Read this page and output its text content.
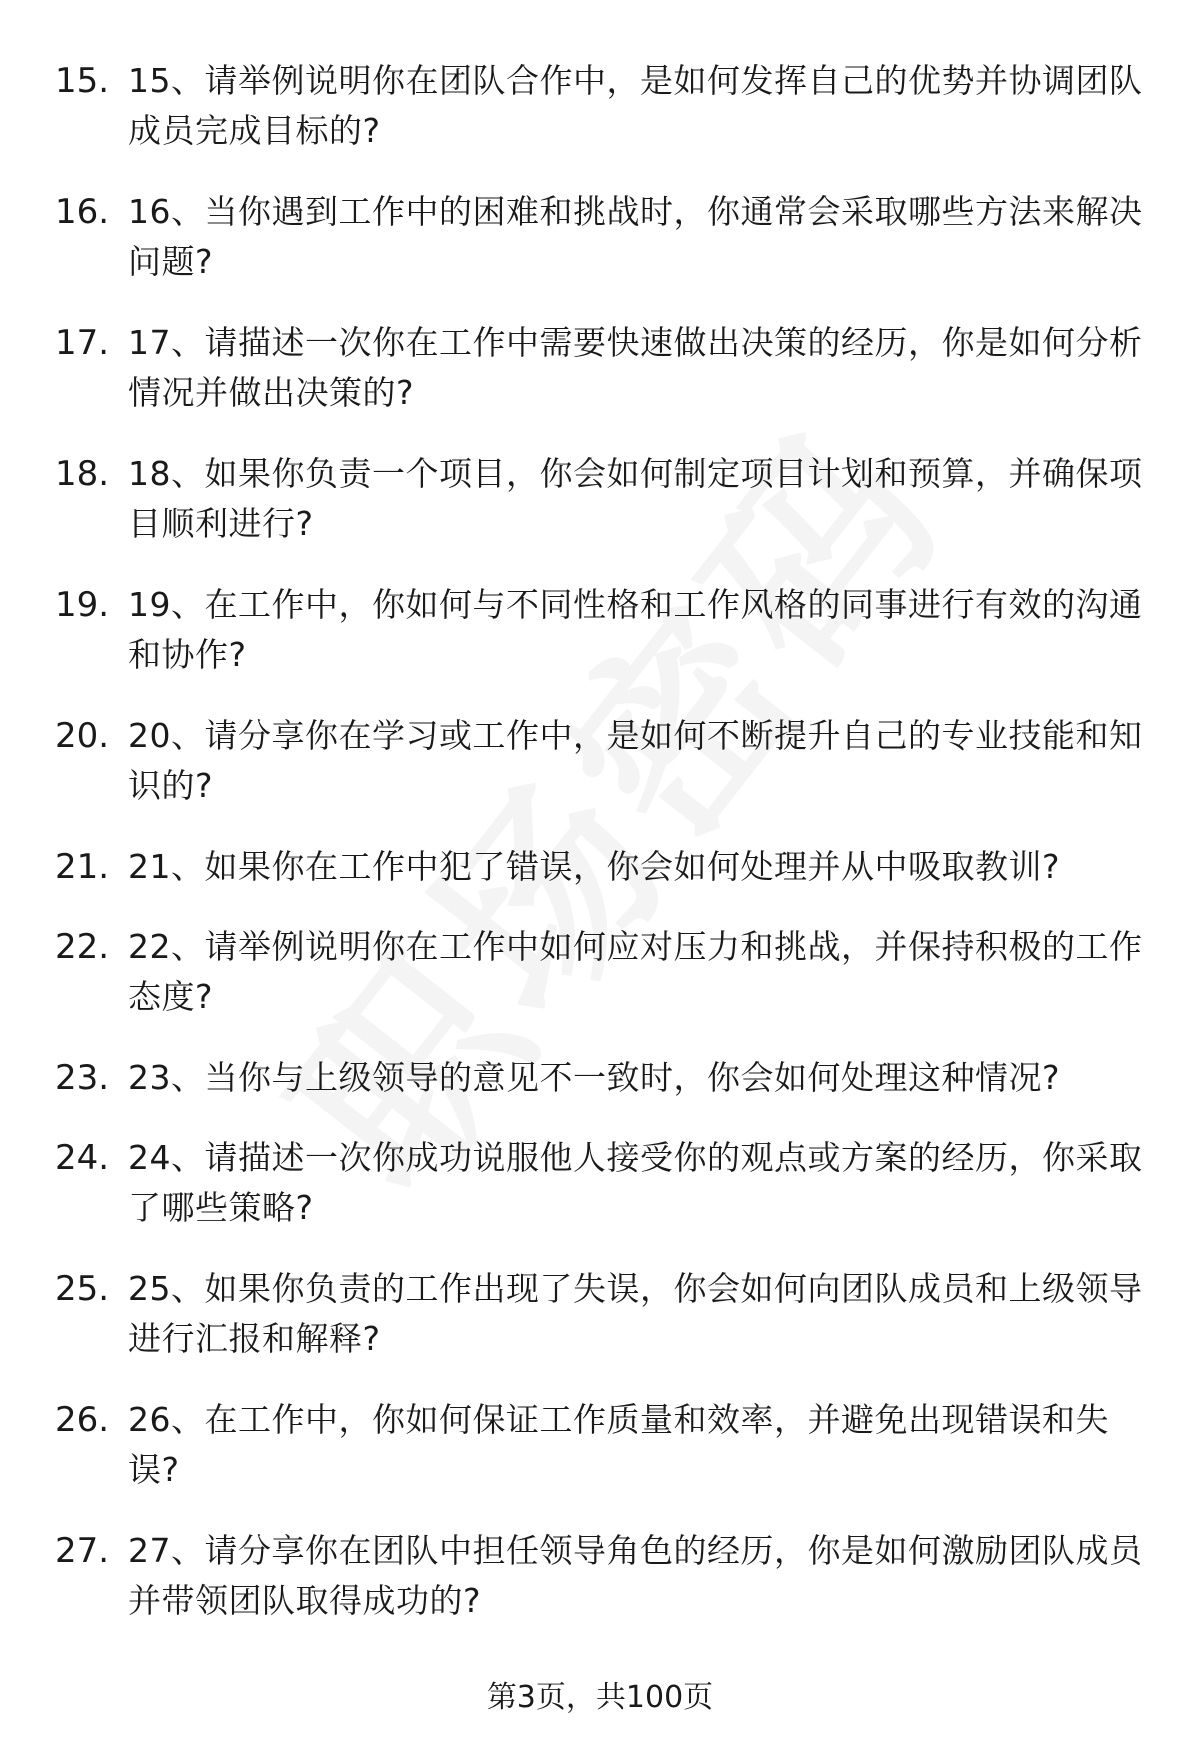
15. 15、请举例说明你在团队合作中，是如何发挥自己的优势并协调团队成员完成目标的?
16. 16、当你遇到工作中的困难和挑战时，你通常会采取哪些方法来解决问题?
17. 17、请描述一次你在工作中需要快速做出决策的经历，你是如何分析情况并做出决策的?
18. 18、如果你负责一个项目，你会如何制定项目计划和预算，并确保项目顺利进行?
19. 19、在工作中，你如何与不同性格和工作风格的同事进行有效的沟通和协作?
20. 20、请分享你在学习或工作中，是如何不断提升自己的专业技能和知识的?
21. 21、如果你在工作中犯了错误，你会如何处理并从中吸取教训?
22. 22、请举例说明你在工作中如何应对压力和挑战，并保持积极的工作态度?
23. 23、当你与上级领导的意见不一致时，你会如何处理这种情况?
24. 24、请描述一次你成功说服他人接受你的观点或方案的经历，你采取了哪些策略?
25. 25、如果你负责的工作出现了失误，你会如何向团队成员和上级领导进行汇报和解释?
26. 26、在工作中，你如何保证工作质量和效率，并避免出现错误和失误?
27. 27、请分享你在团队中担任领导角色的经历，你是如何激励团队成员并带领团队取得成功的?
第3页，共100页
